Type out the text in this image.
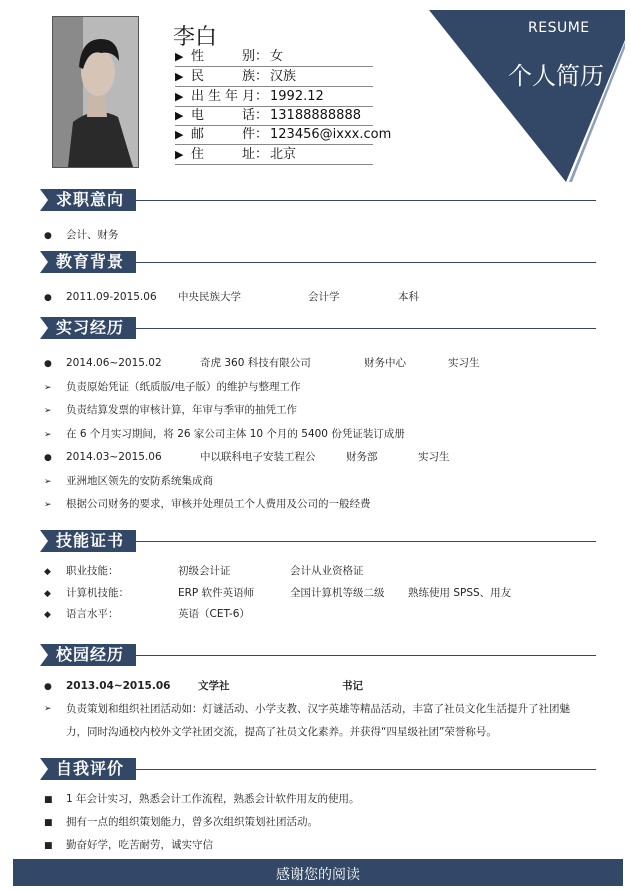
李白
▶ 性 别： 女
▶ 民 族： 汉族
▶ 出生年月： 1992.12
▶ 电 话： 13188888888
▶ 邮 件： 123456@ixxx.com
▶ 住 址： 北京
RESUME
个人简历
求职意向
● 会计、财务
教育背景
● 2011.09-2015.06 中央民族大学	会计学	本科
实习经历
● 2014.06~2015.02	奇虎 360 科技有限公司	财务中心	实习生
➢ 负责原始凭证（纸质版/电子版）的维护与整理工作
➢ 负责结算发票的审核计算，年审与季审的抽凭工作
➢ 在 6 个月实习期间，将 26 家公司主体 10 个月的 5400 份凭证装订成册
● 2014.03~2015.06	中以联科电子安装工程公	财务部	实习生
➢ 亚洲地区领先的安防系统集成商
➢ 根据公司财务的要求，审核并处理员工个人费用及公司的一般经费
技能证书
◆ 职业技能：	初级会计证	会计从业资格证
◆ 计算机技能：	ERP 软件英语师	全国计算机等级二级 熟练使用 SPSS、用友
◆ 语言水平：	英语（CET-6）
校园经历
● 2013.04~2015.06	文学社	书记
➢	负责策划和组织社团活动如：灯谜活动、小学支教、汉字英雄等精品活动，丰富了社员文化生活提升了社团魅力，同时沟通校内校外文学社团交流，提高了社员文化素养。并获得“四星级社团”荣誉称号。
自我评价
■ 1 年会计实习，熟悉会计工作流程，熟悉会计软件用友的使用。
■ 拥有一点的组织策划能力，曾多次组织策划社团活动。
■ 勤奋好学，吃苦耐劳，诚实守信
感谢您的阅读
